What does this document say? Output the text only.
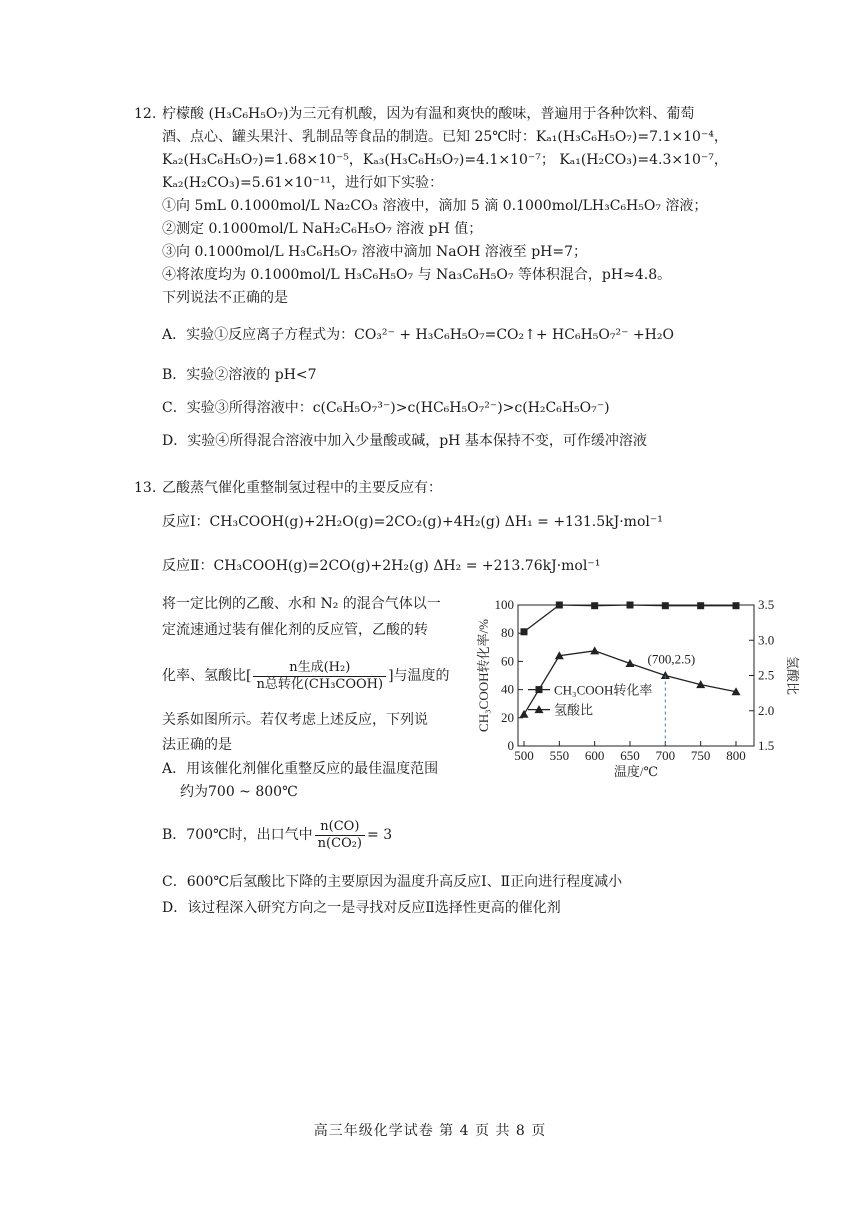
12. 柠檬酸 (H₃C₆H₅O₇)为三元有机酸，因为有温和爽快的酸味，普遍用于各种饮料、葡萄
酒、点心、罐头果汁、乳制品等食品的制造。已知 25℃时：Kₐ₁(H₃C₆H₅O₇)=7.1×10⁻⁴，
Kₐ₂(H₃C₆H₅O₇)=1.68×10⁻⁵，Kₐ₃(H₃C₆H₅O₇)=4.1×10⁻⁷； Kₐ₁(H₂CO₃)=4.3×10⁻⁷，
Kₐ₂(H₂CO₃)=5.61×10⁻¹¹，进行如下实验：
①向 5mL 0.1000mol/L Na₂CO₃ 溶液中，滴加 5 滴 0.1000mol/LH₃C₆H₅O₇ 溶液；
②测定 0.1000mol/L NaH₂C₆H₅O₇ 溶液 pH 值；
③向 0.1000mol/L H₃C₆H₅O₇ 溶液中滴加 NaOH 溶液至 pH=7；
④将浓度均为 0.1000mol/L H₃C₆H₅O₇ 与 Na₃C₆H₅O₇ 等体积混合，pH≈4.8。
下列说法不正确的是
A．实验①反应离子方程式为：CO₃²⁻ + H₃C₆H₅O₇=CO₂↑+ HC₆H₅O₇²⁻ +H₂O
B．实验②溶液的 pH<7
C．实验③所得溶液中：c(C₆H₅O₇³⁻)>c(HC₆H₅O₇²⁻)>c(H₂C₆H₅O₇⁻)
D．实验④所得混合溶液中加入少量酸或碱，pH 基本保持不变，可作缓冲溶液
13. 乙酸蒸气催化重整制氢过程中的主要反应有：
反应Ⅰ：CH₃COOH(g)+2H₂O(g)=2CO₂(g)+4H₂(g) ΔH₁ = +131.5kJ·mol⁻¹
反应Ⅱ：CH₃COOH(g)=2CO(g)+2H₂(g) ΔH₂ = +213.76kJ·mol⁻¹
将一定比例的乙酸、水和 N₂ 的混合气体以一
定流速通过装有催化剂的反应管，乙酸的转
化率、氢酸比[ $\frac{\text{n生成(H₂)}}{\text{n总转化(CH₃COOH)}}$ ]与温度的
关系如图所示。若仅考虑上述反应，下列说
法正确的是
A．用该催化剂催化重整反应的最佳温度范围
约为700 ~ 800℃
B．700℃时，出口气中 $\frac{n(CO)}{\text{n(CO₂)}} = 3$
C．600℃后氢酸比下降的主要原因为温度升高反应Ⅰ、Ⅱ正向进行程度减小
D．该过程深入研究方向之一是寻找对反应Ⅱ选择性更高的催化剂
0
20
40
60
80
100
1.5
2.0
2.5
3.0
3.5
500 550 600 650 700 750 800
温度/℃
CH₃COOH转化率/%	氢酸比
(700,2.5)
CH₃COOH转化率
氢酸比
高三年级化学试卷 第 4 页 共 8 页
